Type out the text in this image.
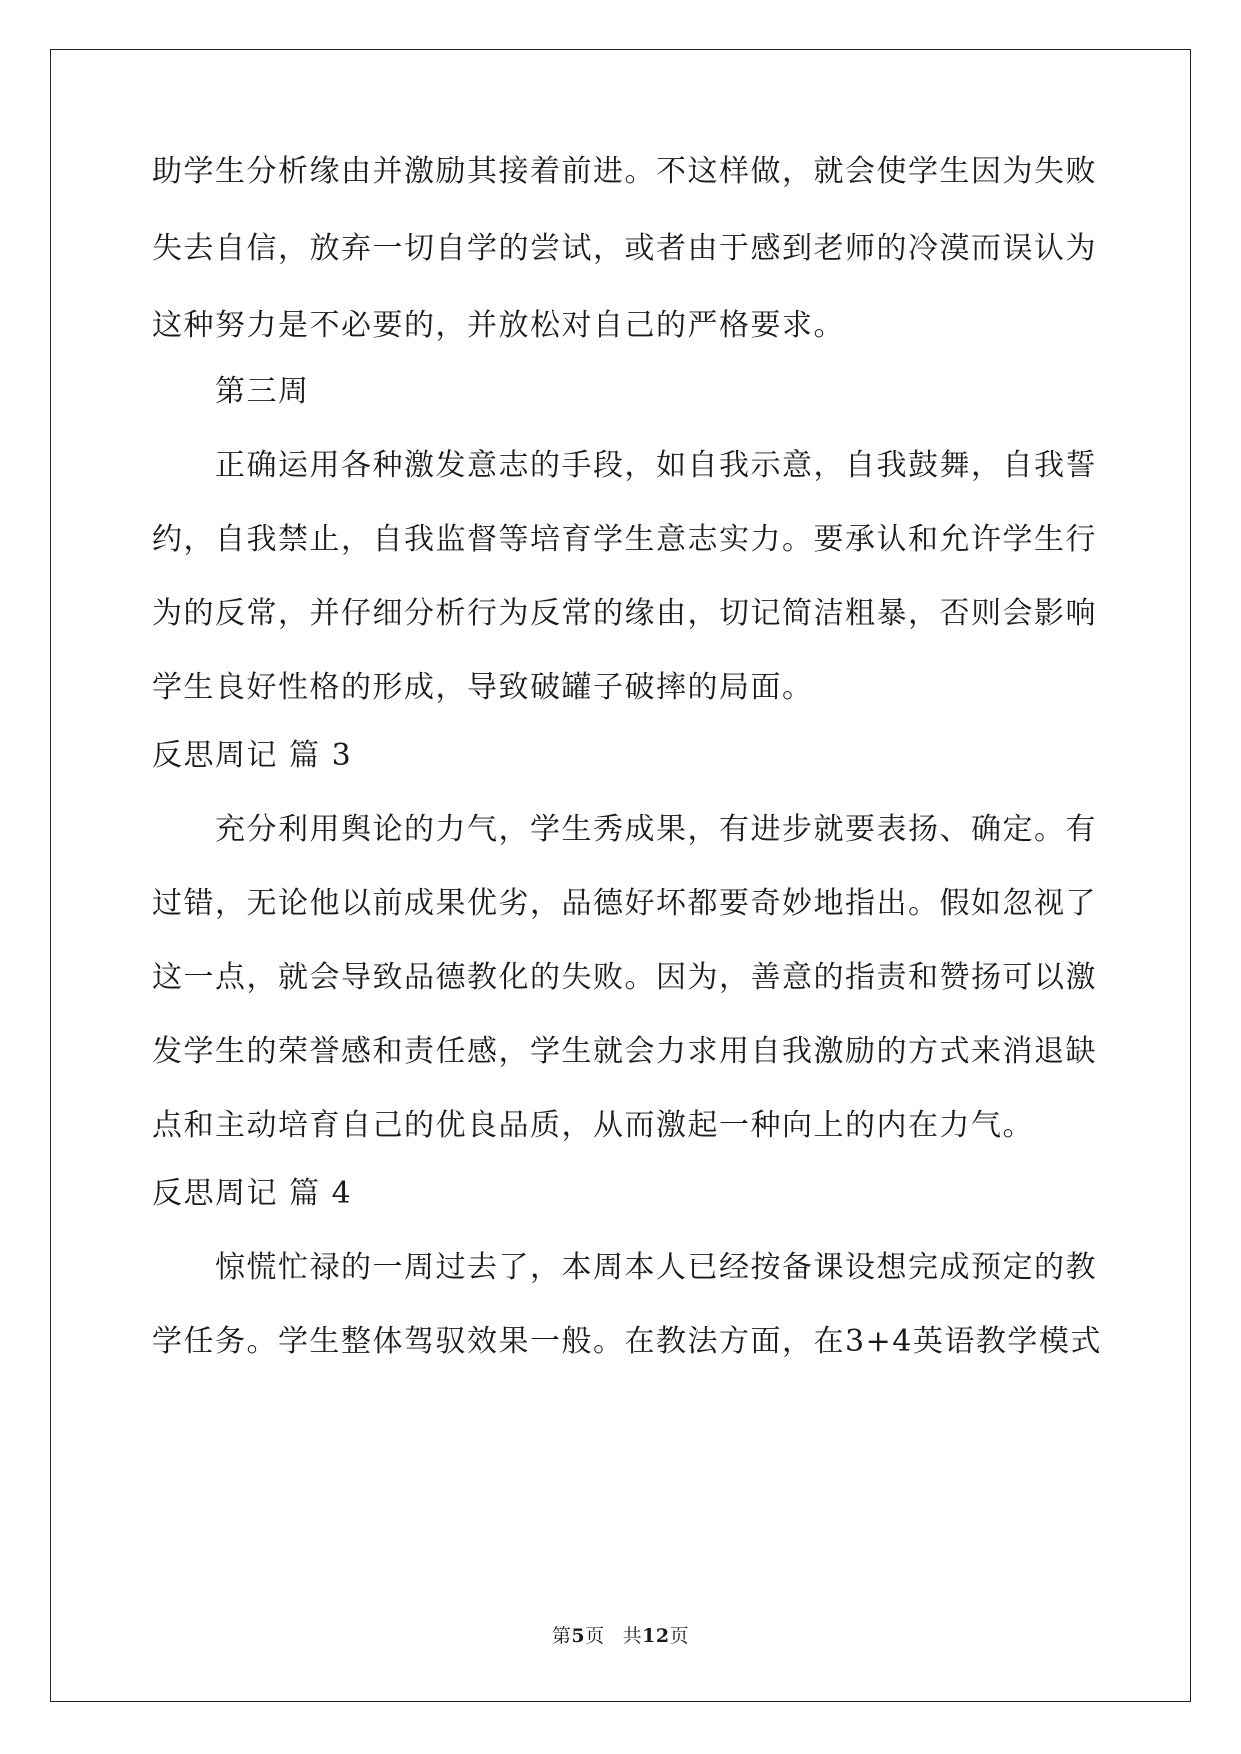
助 学 生 分 析 缘 由 并 激 励 其 接 着 前 进 。 不 这 样 做 ， 就 会 使 学 生 因 为 失 败
失 去 自 信 ， 放 弃 一 切 自 学 的 尝 试 ， 或 者 由 于 感 到 老 师 的 冷 漠 而 误 认 为
这种努力是不必要的，并放松对自己的严格要求。
第三周
正 确 运 用 各 种 激 发 意 志 的 手 段 ， 如 自 我 示 意 ， 自 我 鼓 舞 ， 自 我 誓
约 ， 自 我 禁 止 ， 自 我 监 督 等 培 育 学 生 意 志 实 力 。 要 承 认 和 允 许 学 生 行
为 的 反 常 ， 并 仔 细 分 析 行 为 反 常 的 缘 由 ， 切 记 简 洁 粗 暴 ， 否 则 会 影 响
学生良好性格的形成，导致破罐子破摔的局面。
反思周记 篇 3
充 分 利 用 舆 论 的 力 气 ， 学 生 秀 成 果 ， 有 进 步 就 要 表 扬 、 确 定 。 有
过 错 ， 无 论 他 以 前 成 果 优 劣 ， 品 德 好 坏 都 要 奇 妙 地 指 出 。 假 如 忽 视 了
这 一 点 ， 就 会 导 致 品 德 教 化 的 失 败 。 因 为 ， 善 意 的 指 责 和 赞 扬 可 以 激
发 学 生 的 荣 誉 感 和 责 任 感 ， 学 生 就 会 力 求 用 自 我 激 励 的 方 式 来 消 退 缺
点和主动培育自己的优良品质，从而激起一种向上的内在力气。
反思周记 篇 4
惊 慌 忙 禄 的 一 周 过 去 了 ， 本 周 本 人 已 经 按 备 课 设 想 完 成 预 定 的 教
学 任 务 。 学 生 整 体 驾 驭 效 果 一 般 。 在 教 法 方 面 ， 在 3+4 英 语 教 学 模 式
第5页 共12页
